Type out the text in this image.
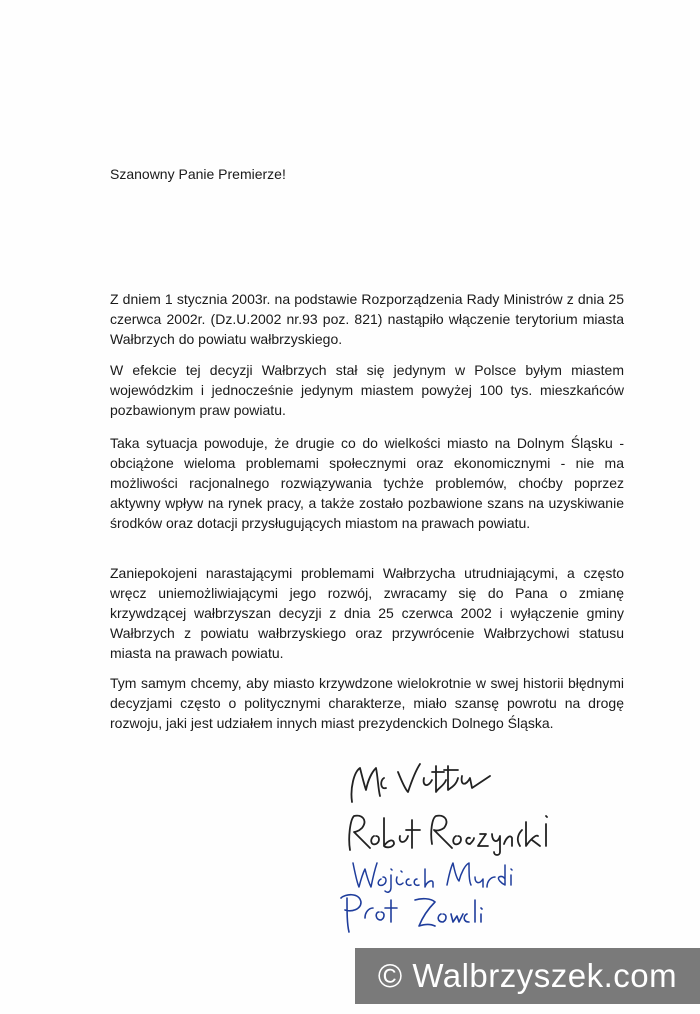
Szanowny Panie Premierze!

Z dniem 1 stycznia 2003r. na podstawie Rozporządzenia Rady Ministrów z dnia 25 czerwca 2002r. (Dz.U.2002 nr.93 poz. 821) nastąpiło włączenie terytorium miasta Wałbrzych do powiatu wałbrzyskiego.

W efekcie tej decyzji Wałbrzych stał się jedynym w Polsce byłym miastem wojewódzkim i jednocześnie jedynym miastem powyżej 100 tys. mieszkańców pozbawionym praw powiatu.

Taka sytuacja powoduje, że drugie co do wielkości miasto na Dolnym Śląsku - obciążone wieloma problemami społecznymi oraz ekonomicznymi - nie ma możliwości racjonalnego rozwiązywania tychże problemów, choćby poprzez aktywny wpływ na rynek pracy, a także zostało pozbawione szans na uzyskiwanie środków oraz dotacji przysługujących miastom na prawach powiatu.

Zaniepokojeni narastającymi problemami Wałbrzycha utrudniającymi, a często wręcz uniemożliwiającymi jego rozwój, zwracamy się do Pana o zmianę krzywdzącej wałbrzyszan decyzji z dnia 25 czerwca 2002 i wyłączenie gminy Wałbrzych z powiatu wałbrzyskiego oraz przywrócenie Wałbrzychowi statusu miasta na prawach powiatu.

Tym samym chcemy, aby miasto krzywdzone wielokrotnie w swej historii błędnymi decyzjami często o politycznymi charakterze, miało szansę powrotu na drogę rozwoju, jaki jest udziałem innych miast prezydenckich Dolnego Śląska.

© Walbrzyszek.com
